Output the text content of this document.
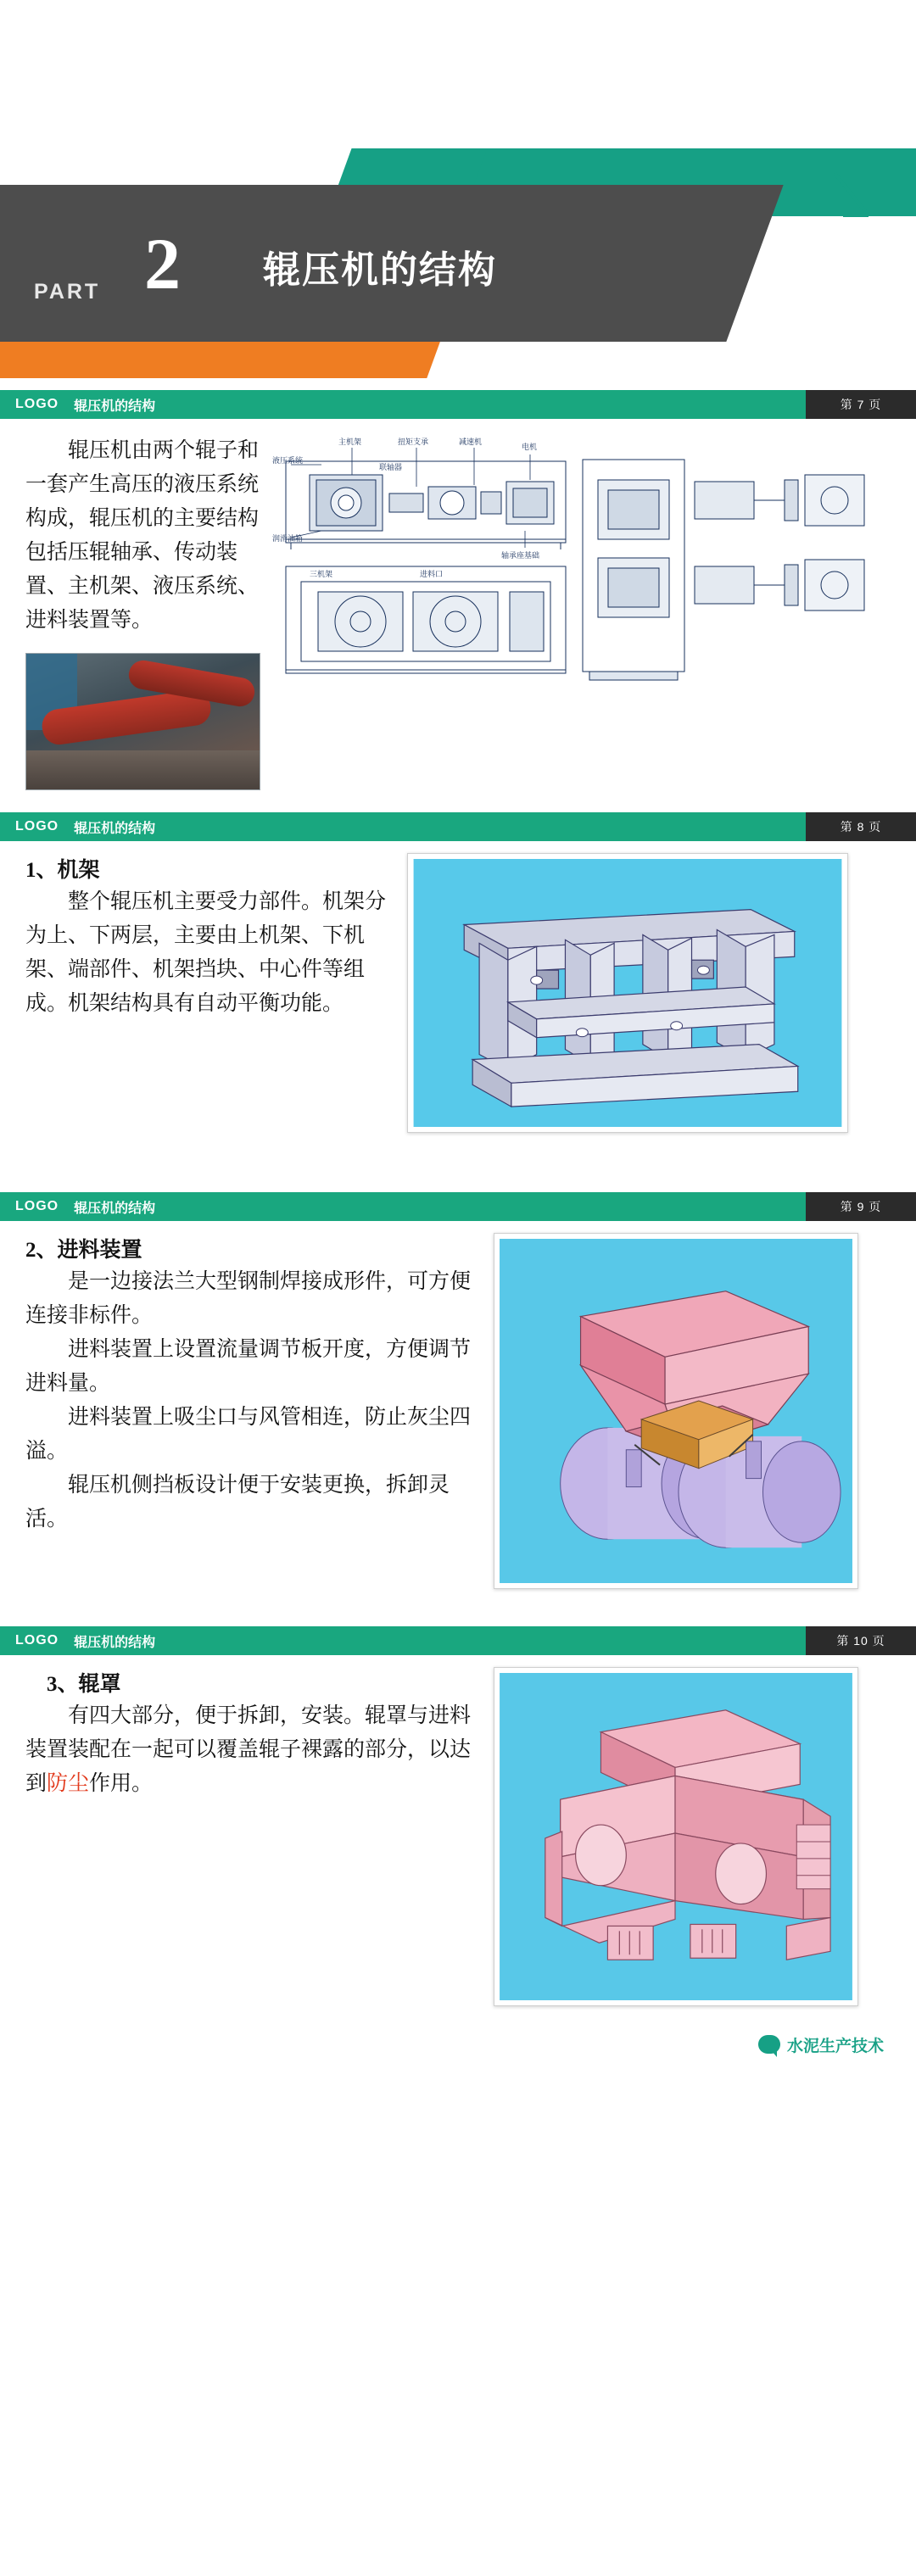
PART 2 辊压机的结构
LOGO 辊压机的结构	第 7 页
辊压机由两个辊子和一套产生高压的液压系统构成，辊压机的主要结构包括压辊轴承、传动装置、主机架、液压系统、进料装置等。
主机架	扭矩支承	减速机
电机
液压系统
润滑油箱
轴承座基础
联轴器
三机架	进料口
LOGO 辊压机的结构	第 8 页
1、机架
整个辊压机主要受力部件。机架分为上、下两层，主要由上机架、下机架、端部件、机架挡块、中心件等组成。机架结构具有自动平衡功能。
LOGO 辊压机的结构	第 9 页
2、进料装置
是一边接法兰大型钢制焊接成形件，可方便连接非标件。
进料装置上设置流量调节板开度，方便调节进料量。
进料装置上吸尘口与风管相连，防止灰尘四溢。
辊压机侧挡板设计便于安装更换，拆卸灵活。
LOGO 辊压机的结构	第 10 页
3、辊罩
有四大部分，便于拆卸，安装。辊罩与进料装置装配在一起可以覆盖辊子裸露的部分，以达到防尘作用。
水泥生产技术
